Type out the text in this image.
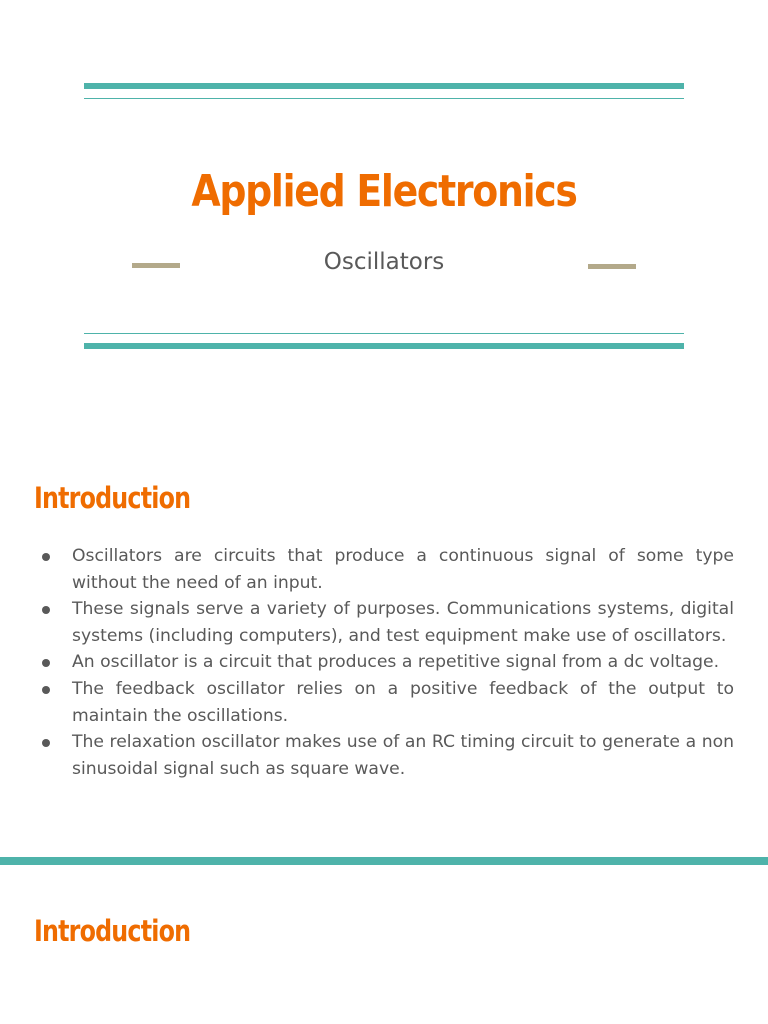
Applied Electronics
Oscillators
Introduction
Oscillators are circuits that produce a continuous signal of some type without the need of an input.
These signals serve a variety of purposes. Communications systems, digital systems (including computers), and test equipment make use of oscillators.
An oscillator is a circuit that produces a repetitive signal from a dc voltage.
The feedback oscillator relies on a positive feedback of the output to maintain the oscillations.
The relaxation oscillator makes use of an RC timing circuit to generate a non sinusoidal signal such as square wave.
Introduction
